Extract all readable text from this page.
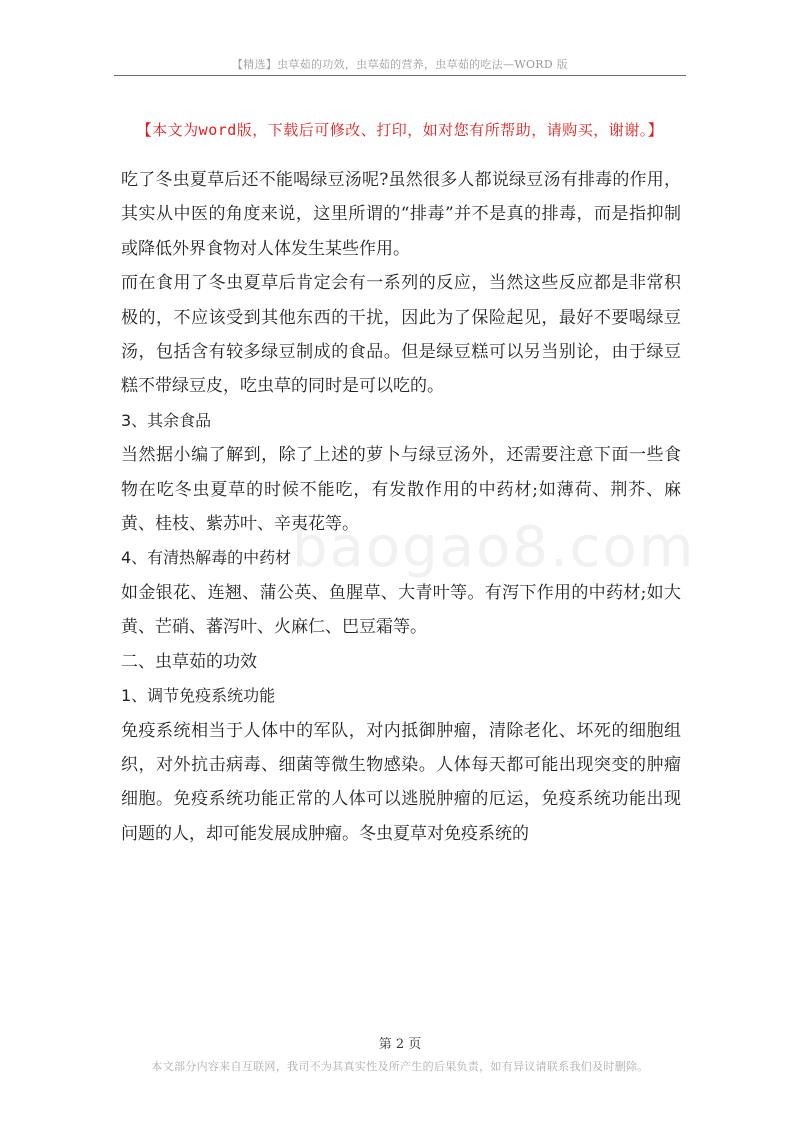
【精选】虫草茹的功效，虫草茹的营养，虫草茹的吃法—WORD 版
【本文为word版，下载后可修改、打印，如对您有所帮助，请购买，谢谢。】
baogao8.com

吃了冬虫夏草后还不能喝绿豆汤呢?虽然很多人都说绿豆汤有排毒的作用，其实从中医的角度来说，这里所谓的“排毒”并不是真的排毒，而是指抑制或降低外界食物对人体发生某些作用。

而在食用了冬虫夏草后肯定会有一系列的反应，当然这些反应都是非常积极的，不应该受到其他东西的干扰，因此为了保险起见，最好不要喝绿豆汤，包括含有较多绿豆制成的食品。但是绿豆糕可以另当别论，由于绿豆糕不带绿豆皮，吃虫草的同时是可以吃的。

3、其余食品

当然据小编了解到，除了上述的萝卜与绿豆汤外，还需要注意下面一些食物在吃冬虫夏草的时候不能吃，有发散作用的中药材;如薄荷、荆芥、麻黄、桂枝、紫苏叶、辛夷花等。

4、有清热解毒的中药材

如金银花、连翘、蒲公英、鱼腥草、大青叶等。有泻下作用的中药材;如大黄、芒硝、蕃泻叶、火麻仁、巴豆霜等。

二、虫草茹的功效

1、调节免疫系统功能

免疫系统相当于人体中的军队，对内抵御肿瘤，清除老化、坏死的细胞组织，对外抗击病毒、细菌等微生物感染。人体每天都可能出现突变的肿瘤细胞。免疫系统功能正常的人体可以逃脱肿瘤的厄运，免疫系统功能出现问题的人，却可能发展成肿瘤。冬虫夏草对免疫系统的

第 2 页
本文部分内容来自互联网，我司不为其真实性及所产生的后果负责，如有异议请联系我们及时删除。
